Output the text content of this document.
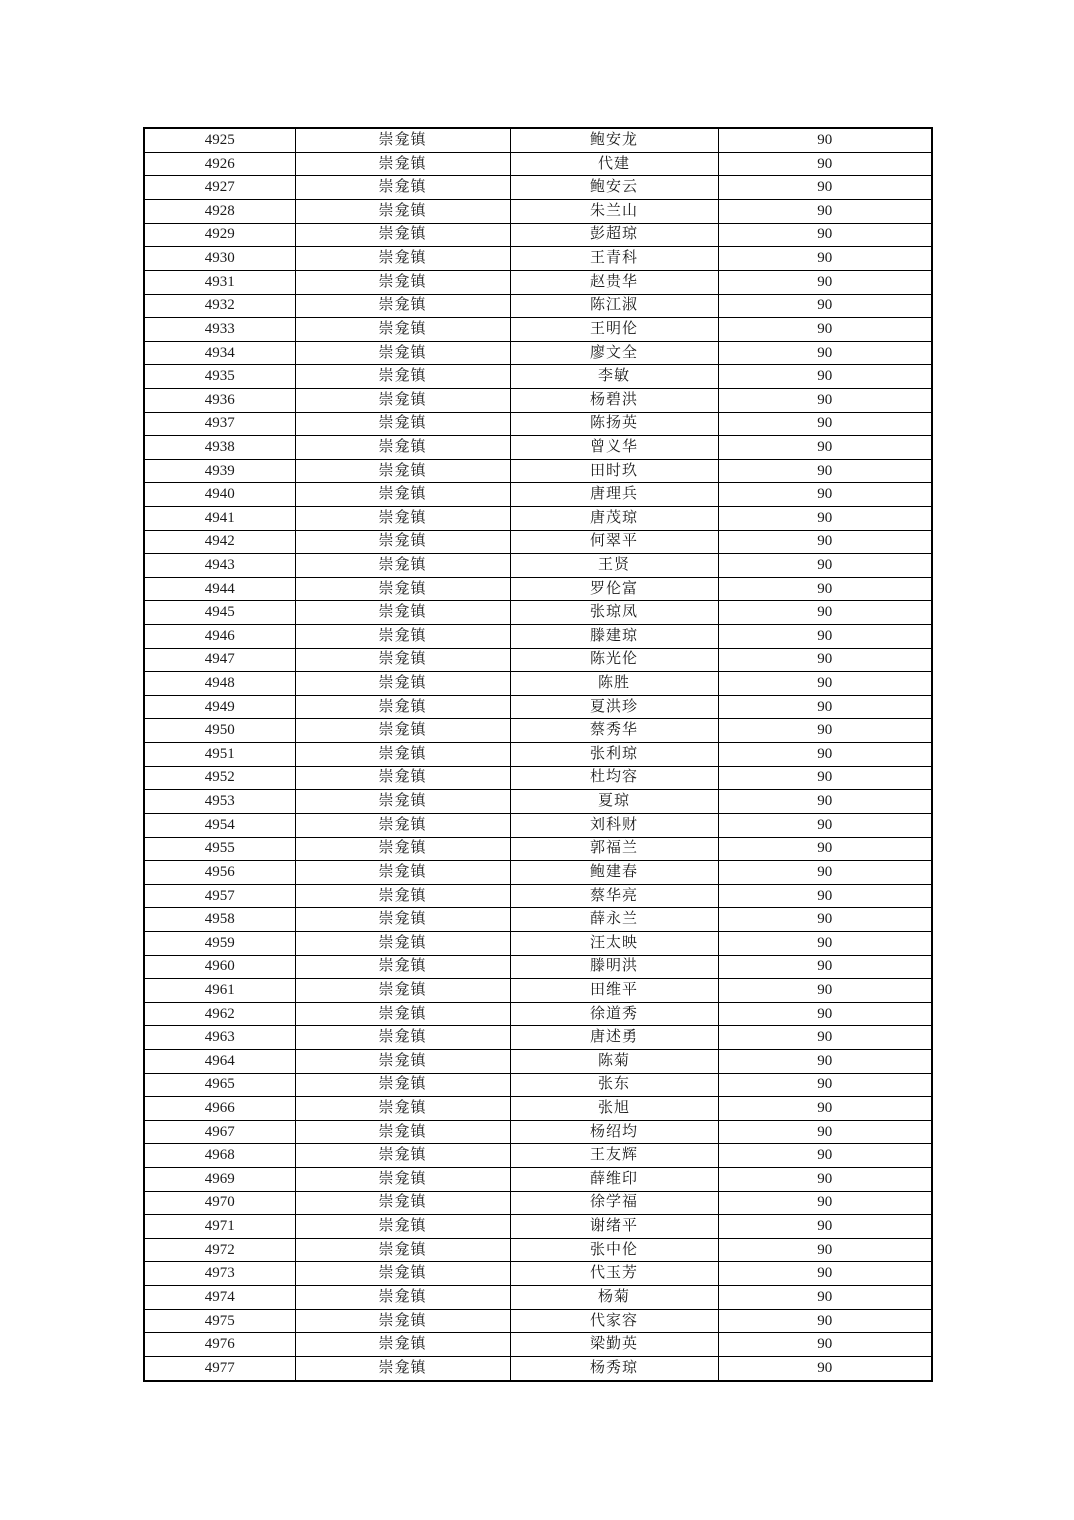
4925	崇龛镇	鲍安龙	90
4926	崇龛镇	代建	90
4927	崇龛镇	鲍安云	90
4928	崇龛镇	朱兰山	90
4929	崇龛镇	彭超琼	90
4930	崇龛镇	王青科	90
4931	崇龛镇	赵贵华	90
4932	崇龛镇	陈江淑	90
4933	崇龛镇	王明伦	90
4934	崇龛镇	廖文全	90
4935	崇龛镇	李敏	90
4936	崇龛镇	杨碧洪	90
4937	崇龛镇	陈扬英	90
4938	崇龛镇	曾义华	90
4939	崇龛镇	田时玖	90
4940	崇龛镇	唐理兵	90
4941	崇龛镇	唐茂琼	90
4942	崇龛镇	何翠平	90
4943	崇龛镇	王贤	90
4944	崇龛镇	罗伦富	90
4945	崇龛镇	张琼凤	90
4946	崇龛镇	滕建琼	90
4947	崇龛镇	陈光伦	90
4948	崇龛镇	陈胜	90
4949	崇龛镇	夏洪珍	90
4950	崇龛镇	蔡秀华	90
4951	崇龛镇	张利琼	90
4952	崇龛镇	杜均容	90
4953	崇龛镇	夏琼	90
4954	崇龛镇	刘科财	90
4955	崇龛镇	郭福兰	90
4956	崇龛镇	鲍建春	90
4957	崇龛镇	蔡华亮	90
4958	崇龛镇	薛永兰	90
4959	崇龛镇	汪太映	90
4960	崇龛镇	滕明洪	90
4961	崇龛镇	田维平	90
4962	崇龛镇	徐道秀	90
4963	崇龛镇	唐述勇	90
4964	崇龛镇	陈菊	90
4965	崇龛镇	张东	90
4966	崇龛镇	张旭	90
4967	崇龛镇	杨绍均	90
4968	崇龛镇	王友辉	90
4969	崇龛镇	薛维印	90
4970	崇龛镇	徐学福	90
4971	崇龛镇	谢绪平	90
4972	崇龛镇	张中伦	90
4973	崇龛镇	代玉芳	90
4974	崇龛镇	杨菊	90
4975	崇龛镇	代家容	90
4976	崇龛镇	梁勤英	90
4977	崇龛镇	杨秀琼	90
